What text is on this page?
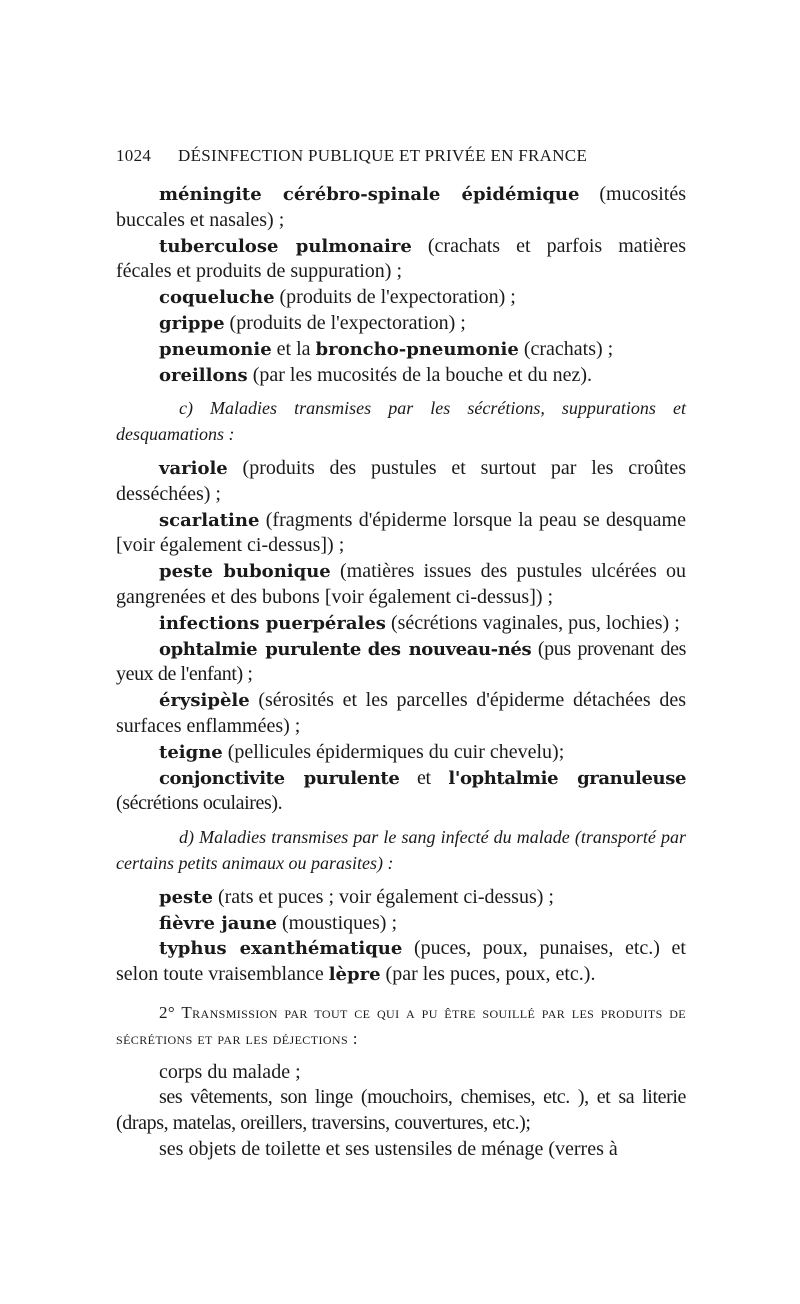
1024 DÉSINFECTION PUBLIQUE ET PRIVÉE EN FRANCE

méningite cérébro-spinale épidémique (mucosités buccales et nasales) ;

tuberculose pulmonaire (crachats et parfois matières fécales et produits de suppuration) ;

coqueluche (produits de l'expectoration) ;

grippe (produits de l'expectoration) ;

pneumonie et la broncho-pneumonie (crachats) ;

oreillons (par les mucosités de la bouche et du nez).

c) Maladies transmises par les sécrétions, suppurations et desquamations :

variole (produits des pustules et surtout par les croûtes desséchées) ;

scarlatine (fragments d'épiderme lorsque la peau se desquame [voir également ci-dessus]) ;

peste bubonique (matières issues des pustules ulcérées ou gangrenées et des bubons [voir également ci-dessus]) ;

infections puerpérales (sécrétions vaginales, pus, lochies) ;

ophtalmie purulente des nouveau-nés (pus provenant des yeux de l'enfant) ;

érysipèle (sérosités et les parcelles d'épiderme détachées des surfaces enflammées) ;

teigne (pellicules épidermiques du cuir chevelu);

conjonctivite purulente et l'ophtalmie granuleuse (sécrétions oculaires).

d) Maladies transmises par le sang infecté du malade (transporté par certains petits animaux ou parasites) :

peste (rats et puces ; voir également ci-dessus) ;

fièvre jaune (moustiques) ;

typhus exanthématique (puces, poux, punaises, etc.) et selon toute vraisemblance lèpre (par les puces, poux, etc.).

2° Transmission par tout ce qui a pu être souillé par les produits de sécrétions et par les déjections :

corps du malade ;

ses vêtements, son linge (mouchoirs, chemises, etc. ), et sa literie (draps, matelas, oreillers, traversins, couvertures, etc.);

ses objets de toilette et ses ustensiles de ménage (verres à
